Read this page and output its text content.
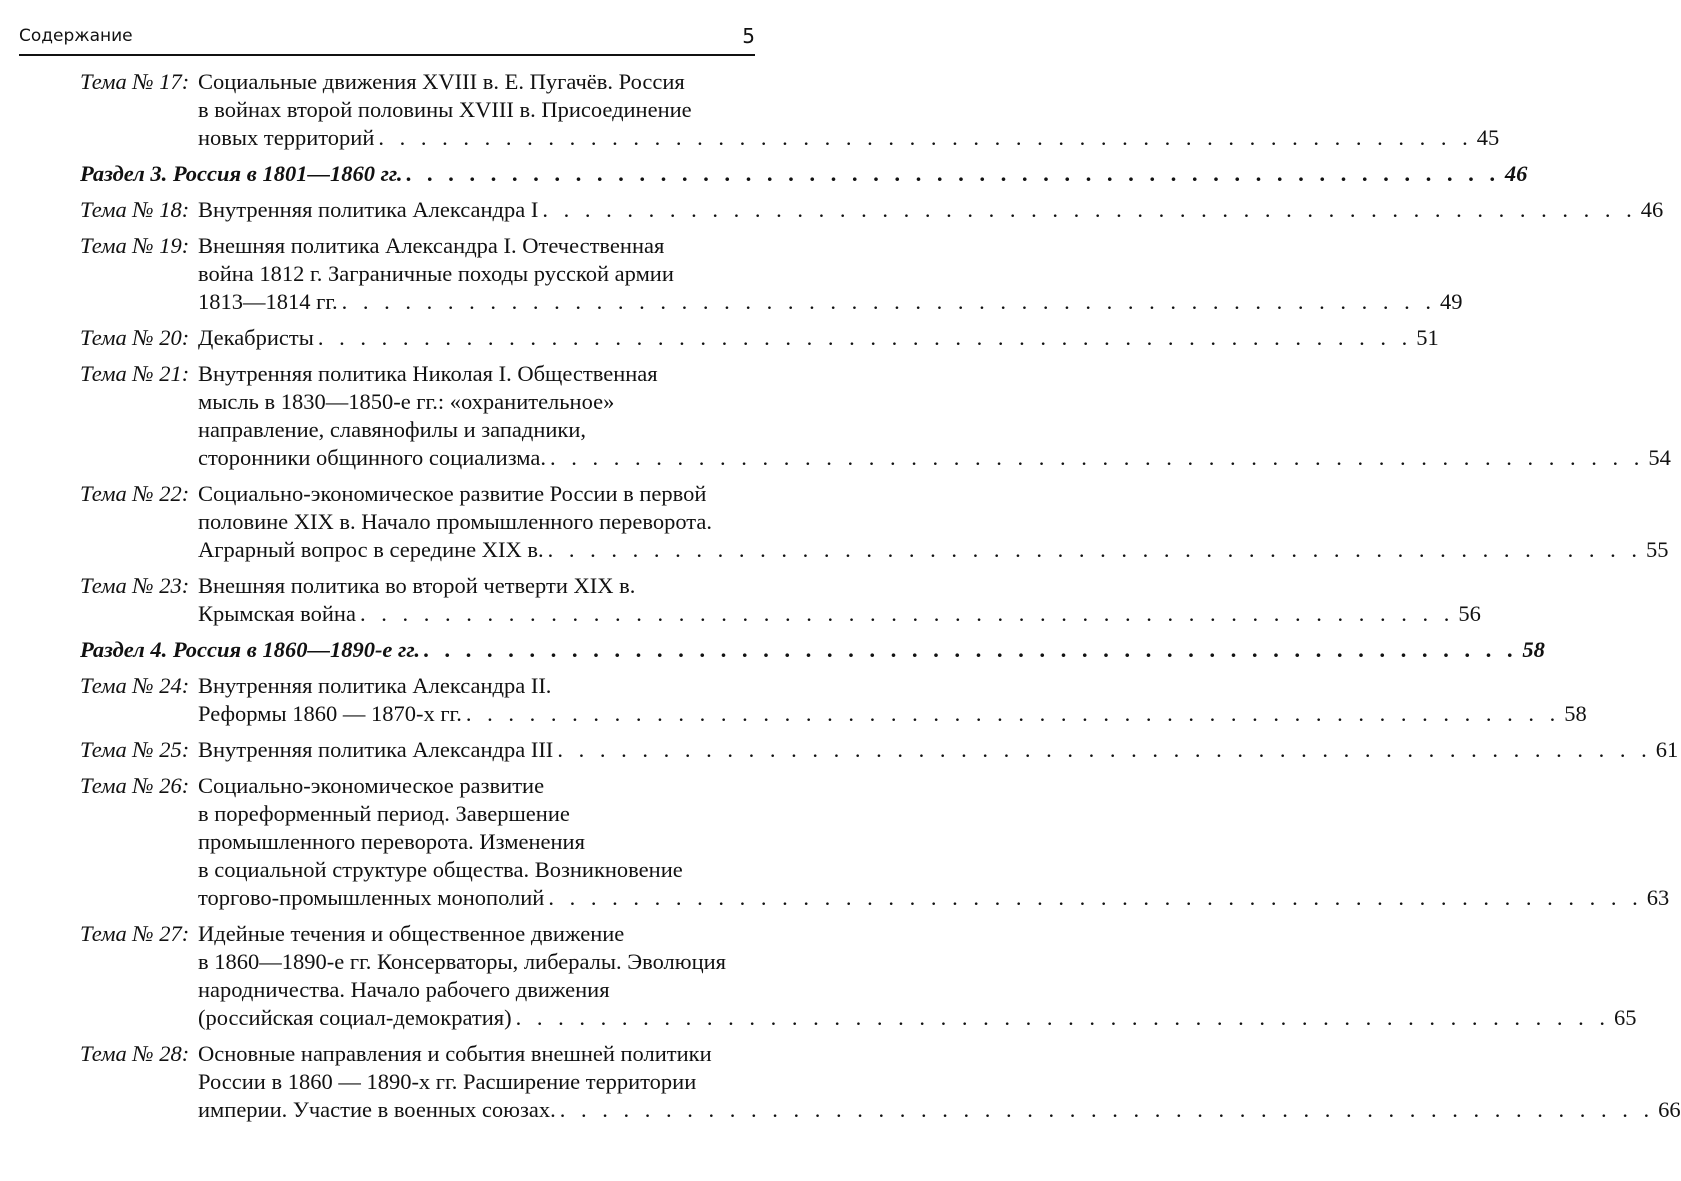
Содержание	5
Тема № 17: Социальные движения XVIII в. Е. Пугачёв. Россия
в войнах второй половины XVIII в. Присоединение
новых территорий . . . . . . . . . . . . . . . . . . . . . . . . . . . . . . . . . . . . . . . . . . . . . . . . . . . . 45
Раздел 3. Россия в 1801—1860 гг. . . . . . . . . . . . . . . . . . . . . . . . . . . . . . . . . . . . . . . . . . . . . . . . . . . . . 46
Тема № 18: Внутренняя политика Александра I . . . . . . . . . . . . . . . . . . . . . . . . . . . . . . . . . . . . . . . . . . . . . . . . . . . . 46
Тема № 19: Внешняя политика Александра I. Отечественная
война 1812 г. Заграничные походы русской армии
1813—1814 гг. . . . . . . . . . . . . . . . . . . . . . . . . . . . . . . . . . . . . . . . . . . . . . . . . . . . . 49
Тема № 20: Декабристы . . . . . . . . . . . . . . . . . . . . . . . . . . . . . . . . . . . . . . . . . . . . . . . . . . . . 51
Тема № 21: Внутренняя политика Николая I. Общественная
мысль в 1830—1850-е гг.: «охранительное»
направление, славянофилы и западники,
сторонники общинного социализма. . . . . . . . . . . . . . . . . . . . . . . . . . . . . . . . . . . . . . . . . . . . . . . . . . . . . 54
Тема № 22: Социально-экономическое развитие России в первой
половине XIX в. Начало промышленного переворота.
Аграрный вопрос в середине XIX в. . . . . . . . . . . . . . . . . . . . . . . . . . . . . . . . . . . . . . . . . . . . . . . . . . . . . 55
Тема № 23: Внешняя политика во второй четверти XIX в.
Крымская война . . . . . . . . . . . . . . . . . . . . . . . . . . . . . . . . . . . . . . . . . . . . . . . . . . . . 56
Раздел 4. Россия в 1860—1890-е гг. . . . . . . . . . . . . . . . . . . . . . . . . . . . . . . . . . . . . . . . . . . . . . . . . . . . . 58
Тема № 24: Внутренняя политика Александра II.
Реформы 1860 — 1870-х гг. . . . . . . . . . . . . . . . . . . . . . . . . . . . . . . . . . . . . . . . . . . . . . . . . . . . . 58
Тема № 25: Внутренняя политика Александра III . . . . . . . . . . . . . . . . . . . . . . . . . . . . . . . . . . . . . . . . . . . . . . . . . . . . 61
Тема № 26: Социально-экономическое развитие
в пореформенный период. Завершение
промышленного переворота. Изменения
в социальной структуре общества. Возникновение
торгово-промышленных монополий . . . . . . . . . . . . . . . . . . . . . . . . . . . . . . . . . . . . . . . . . . . . . . . . . . . . 63
Тема № 27: Идейные течения и общественное движение
в 1860—1890-е гг. Консерваторы, либералы. Эволюция
народничества. Начало рабочего движения
(российская социал-демократия) . . . . . . . . . . . . . . . . . . . . . . . . . . . . . . . . . . . . . . . . . . . . . . . . . . . . 65
Тема № 28: Основные направления и события внешней политики
России в 1860 — 1890-х гг. Расширение территории
империи. Участие в военных союзах. . . . . . . . . . . . . . . . . . . . . . . . . . . . . . . . . . . . . . . . . . . . . . . . . . . . . 66
